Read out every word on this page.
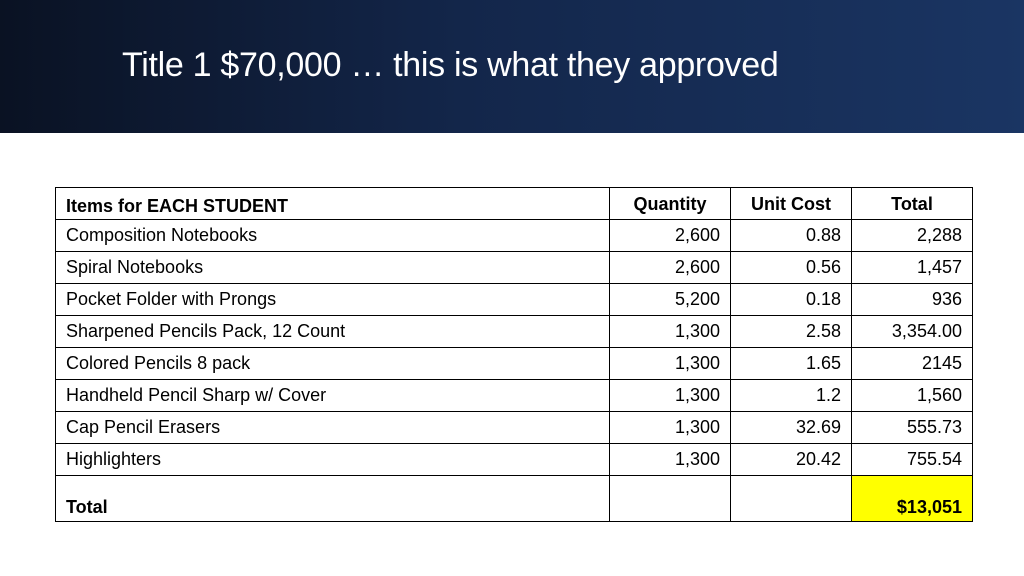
Title 1 $70,000 … this is what they approved
Items for EACH STUDENT	Quantity	Unit Cost	Total
Composition Notebooks	2,600	0.88	2,288
Spiral Notebooks	2,600	0.56	1,457
Pocket Folder with Prongs	5,200	0.18	936
Sharpened Pencils Pack, 12 Count	1,300	2.58	3,354.00
Colored Pencils 8 pack	1,300	1.65	2145
Handheld Pencil Sharp w/ Cover	1,300	1.2	1,560
Cap Pencil Erasers	1,300	32.69	555.73
Highlighters	1,300	20.42	755.54
Total			$13,051
